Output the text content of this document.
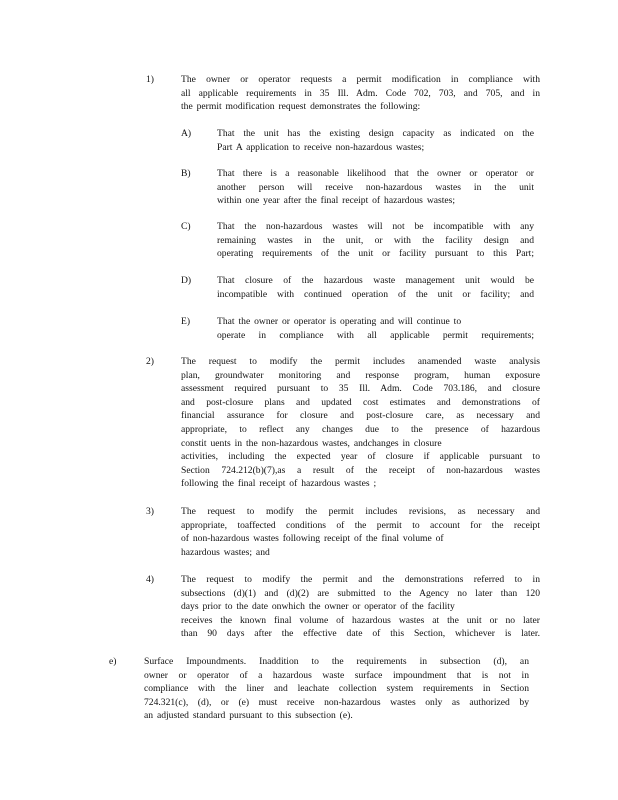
1)	The owner or operator requests a permit modification in compliance with
all applicable requirements in 35 Ill. Adm. Code 702, 703, and 705, and in
the permit modification request demonstrates the following:
A)	That the unit has the existing design capacity as indicated on the
Part A application to receive non-hazardous wastes;
B)	That there is a reasonable likelihood that the owner or operator or
another person will receive non-hazardous wastes in the unit
within one year after the final receipt of hazardous wastes;
C)	That the non-hazardous wastes will not be incompatible with any
remaining wastes in the unit, or with the facility design and
operating requirements of the unit or facility pursuant to this Part;
D)	That closure of the hazardous waste management unit would be
incompatible with continued operation of the unit or facility; and
E)	That the owner or operator is operating and will continue to
operate in compliance with all applicable permit requirements;
2)	The request to modify the permit includes anamended waste analysis
plan, groundwater monitoring and response program, human exposure
assessment required pursuant to 35 Ill. Adm. Code 703.186, and closure
and post-closure plans and updated cost estimates and demonstrations of
financial assurance for closure and post-closure care, as necessary and
appropriate, to reflect any changes due to the presence of hazardous
constit uents in the non-hazardous wastes, andchanges in closure
activities, including the expected year of closure if applicable pursuant to
Section 724.212(b)(7),as a result of the receipt of non-hazardous wastes
following the final receipt of hazardous wastes ;
3)	The request to modify the permit includes revisions, as necessary and
appropriate, toaffected conditions of the permit to account for the receipt
of non-hazardous wastes following receipt of the final volume of
hazardous wastes; and
4)	The request to modify the permit and the demonstrations referred to in
subsections (d)(1) and (d)(2) are submitted to the Agency no later than 120
days prior to the date onwhich the owner or operator of the facility
receives the known final volume of hazardous wastes at the unit or no later
than 90 days after the effective date of this Section, whichever is later.
e)	Surface Impoundments. Inaddition to the requirements in subsection (d), an
owner or operator of a hazardous waste surface impoundment that is not in
compliance with the liner and leachate collection system requirements in Section
724.321(c), (d), or (e) must receive non-hazardous wastes only as authorized by
an adjusted standard pursuant to this subsection (e).
